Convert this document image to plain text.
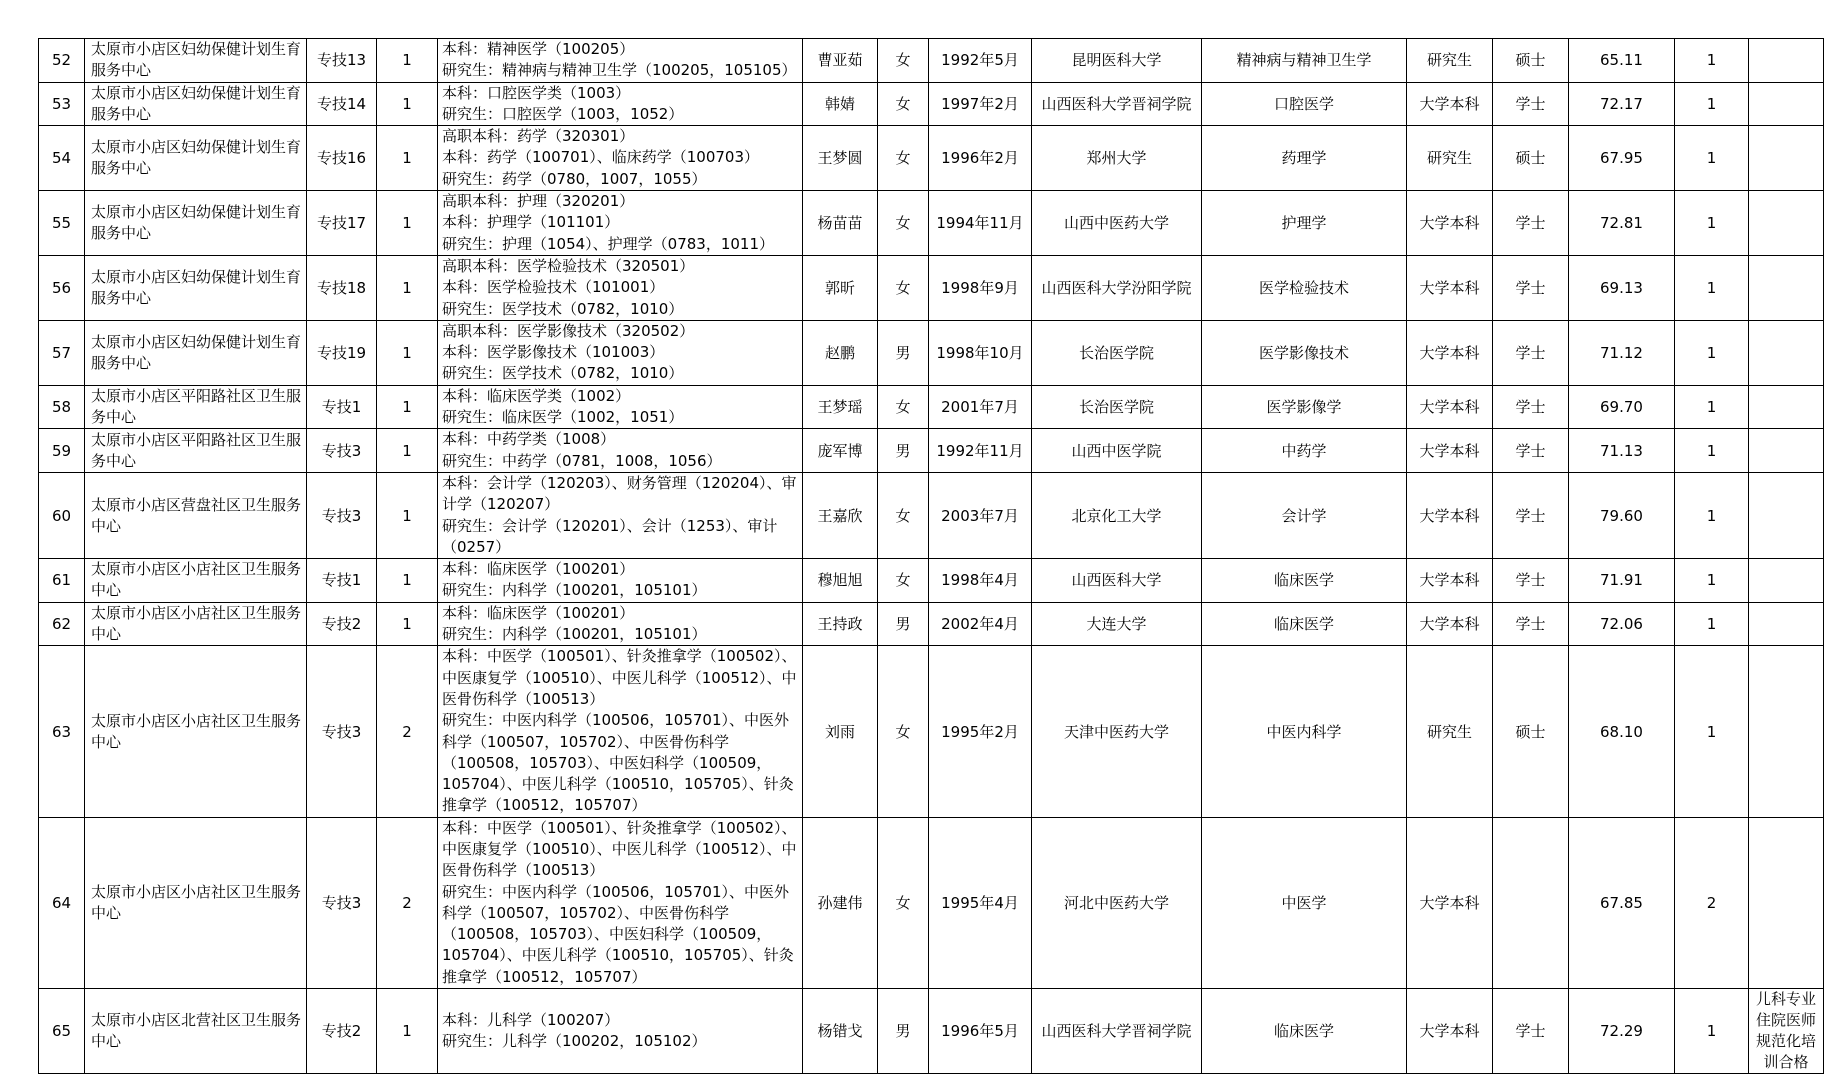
52	太原市小店区妇幼保健计划生育服务中心	专技13	1	本科：精神医学（100205）
研究生：精神病与精神卫生学（100205，105105）	曹亚茹	女	1992年5月	昆明医科大学	精神病与精神卫生学	研究生	硕士	65.11	1	
53	太原市小店区妇幼保健计划生育服务中心	专技14	1	本科：口腔医学类（1003）
研究生：口腔医学（1003，1052）	韩婧	女	1997年2月	山西医科大学晋祠学院	口腔医学	大学本科	学士	72.17	1	
54	太原市小店区妇幼保健计划生育服务中心	专技16	1	高职本科：药学（320301）
本科：药学（100701）、临床药学（100703）
研究生：药学（0780，1007，1055）	王梦圆	女	1996年2月	郑州大学	药理学	研究生	硕士	67.95	1	
55	太原市小店区妇幼保健计划生育服务中心	专技17	1	高职本科：护理（320201）
本科：护理学（101101）
研究生：护理（1054）、护理学（0783，1011）	杨苗苗	女	1994年11月	山西中医药大学	护理学	大学本科	学士	72.81	1	
56	太原市小店区妇幼保健计划生育服务中心	专技18	1	高职本科：医学检验技术（320501）
本科：医学检验技术（101001）
研究生：医学技术（0782，1010）	郭昕	女	1998年9月	山西医科大学汾阳学院	医学检验技术	大学本科	学士	69.13	1	
57	太原市小店区妇幼保健计划生育服务中心	专技19	1	高职本科：医学影像技术（320502）
本科：医学影像技术（101003）
研究生：医学技术（0782，1010）	赵鹏	男	1998年10月	长治医学院	医学影像技术	大学本科	学士	71.12	1	
58	太原市小店区平阳路社区卫生服务中心	专技1	1	本科：临床医学类（1002）
研究生：临床医学（1002，1051）	王梦瑶	女	2001年7月	长治医学院	医学影像学	大学本科	学士	69.70	1	
59	太原市小店区平阳路社区卫生服务中心	专技3	1	本科：中药学类（1008）
研究生：中药学（0781，1008，1056）	庞军博	男	1992年11月	山西中医学院	中药学	大学本科	学士	71.13	1	
60	太原市小店区营盘社区卫生服务中心	专技3	1	本科：会计学（120203）、财务管理（120204）、审计学（120207）
研究生：会计学（120201）、会计（1253）、审计（0257）	王嘉欣	女	2003年7月	北京化工大学	会计学	大学本科	学士	79.60	1	
61	太原市小店区小店社区卫生服务中心	专技1	1	本科：临床医学（100201）
研究生：内科学（100201，105101）	穆旭旭	女	1998年4月	山西医科大学	临床医学	大学本科	学士	71.91	1	
62	太原市小店区小店社区卫生服务中心	专技2	1	本科：临床医学（100201）
研究生：内科学（100201，105101）	王持政	男	2002年4月	大连大学	临床医学	大学本科	学士	72.06	1	
63	太原市小店区小店社区卫生服务中心	专技3	2	本科：中医学（100501）、针灸推拿学（100502）、中医康复学（100510）、中医儿科学（100512）、中医骨伤科学（100513）
研究生：中医内科学（100506，105701）、中医外科学（100507，105702）、中医骨伤科学（100508，105703）、中医妇科学（100509，105704）、中医儿科学（100510，105705）、针灸推拿学（100512，105707）	刘雨	女	1995年2月	天津中医药大学	中医内科学	研究生	硕士	68.10	1	
64	太原市小店区小店社区卫生服务中心	专技3	2	本科：中医学（100501）、针灸推拿学（100502）、中医康复学（100510）、中医儿科学（100512）、中医骨伤科学（100513）
研究生：中医内科学（100506，105701）、中医外科学（100507，105702）、中医骨伤科学（100508，105703）、中医妇科学（100509，105704）、中医儿科学（100510，105705）、针灸推拿学（100512，105707）	孙建伟	女	1995年4月	河北中医药大学	中医学	大学本科		67.85	2	
65	太原市小店区北营社区卫生服务中心	专技2	1	本科：儿科学（100207）
研究生：儿科学（100202，105102）	杨错戈	男	1996年5月	山西医科大学晋祠学院	临床医学	大学本科	学士	72.29	1	儿科专业住院医师规范化培训合格
